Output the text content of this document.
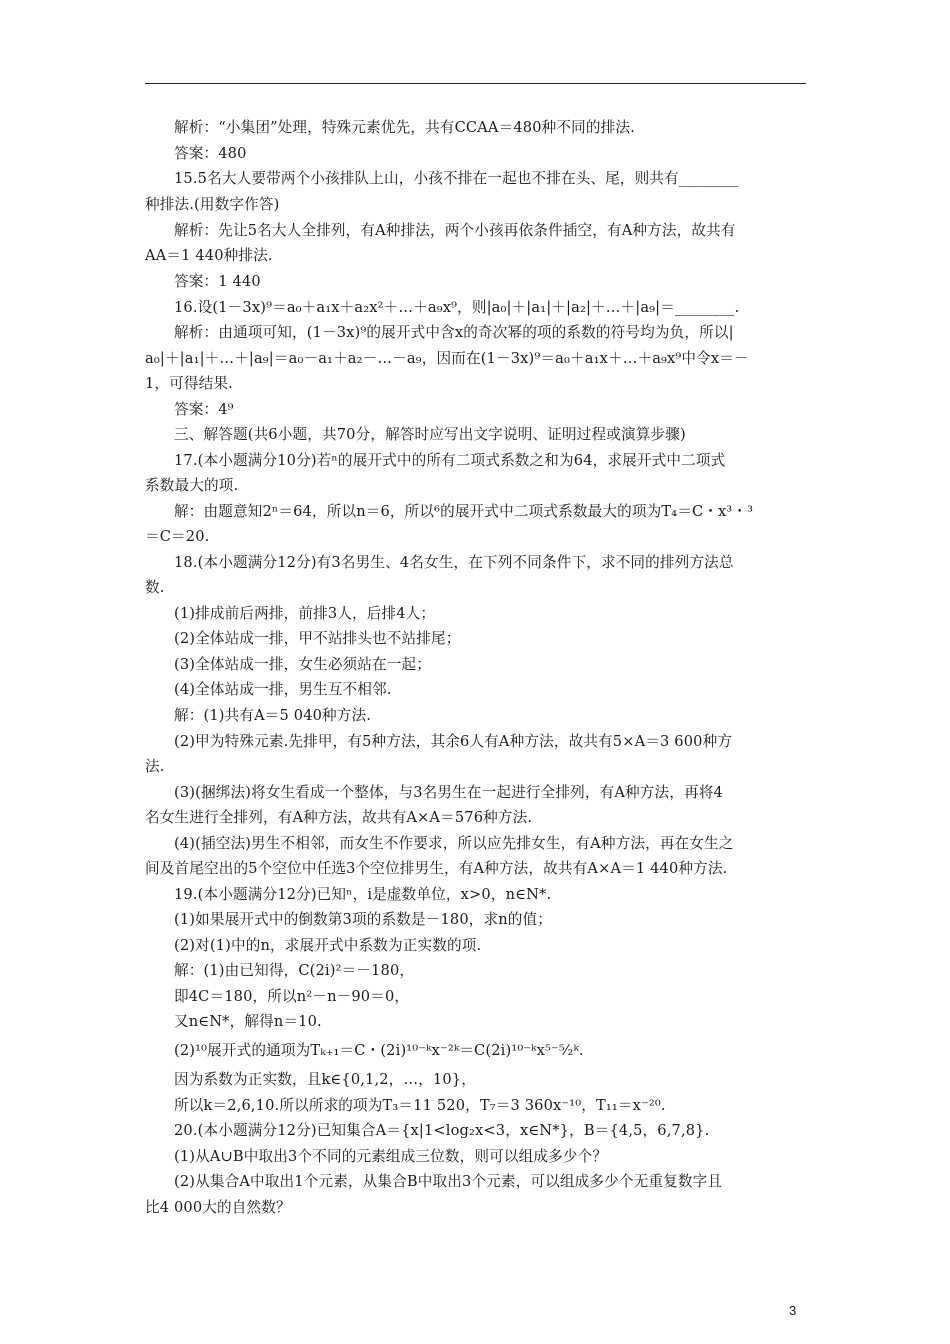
解析：“小集团”处理，特殊元素优先，共有CCAA＝480种不同的排法.
答案：480
15.5名大人要带两个小孩排队上山，小孩不排在一起也不排在头、尾，则共有________
种排法.(用数字作答)
解析：先让5名大人全排列，有A种排法，两个小孩再依条件插空，有A种方法，故共有
AA＝1 440种排法.
答案：1 440
16.设(1－3x)⁹＝a₀＋a₁x＋a₂x²＋…＋a₉x⁹，则|a₀|＋|a₁|＋|a₂|＋…＋|a₉|＝________.
解析：由通项可知，(1－3x)⁹的展开式中含x的奇次幂的项的系数的符号均为负，所以|
a₀|＋|a₁|＋…＋|a₉|＝a₀－a₁＋a₂－…－a₉，因而在(1－3x)⁹＝a₀＋a₁x＋…＋a₉x⁹中令x＝－
1，可得结果.
答案：4⁹
三、解答题(共6小题，共70分，解答时应写出文字说明、证明过程或演算步骤)
17.(本小题满分10分)若ⁿ的展开式中的所有二项式系数之和为64，求展开式中二项式
系数最大的项.
解：由题意知2ⁿ＝64，所以n＝6，所以⁶的展开式中二项式系数最大的项为T₄＝C・x³・³
＝C＝20.
18.(本小题满分12分)有3名男生、4名女生，在下列不同条件下，求不同的排列方法总
数.
(1)排成前后两排，前排3人，后排4人；
(2)全体站成一排，甲不站排头也不站排尾；
(3)全体站成一排，女生必须站在一起；
(4)全体站成一排，男生互不相邻.
解：(1)共有A＝5 040种方法.
(2)甲为特殊元素.先排甲，有5种方法，其余6人有A种方法，故共有5×A＝3 600种方
法.
(3)(捆绑法)将女生看成一个整体，与3名男生在一起进行全排列，有A种方法，再将4
名女生进行全排列，有A种方法，故共有A×A＝576种方法.
(4)(插空法)男生不相邻，而女生不作要求，所以应先排女生，有A种方法，再在女生之
间及首尾空出的5个空位中任选3个空位排男生，有A种方法，故共有A×A＝1 440种方法.
19.(本小题满分12分)已知ⁿ，i是虚数单位，x>0，n∈N*.
(1)如果展开式中的倒数第3项的系数是－180，求n的值；
(2)对(1)中的n，求展开式中系数为正实数的项.
解：(1)由已知得，C(2i)²＝－180，
即4C＝180，所以n²－n－90＝0，
又n∈N*，解得n＝10.
(2)¹⁰展开式的通项为Tₖ₊₁＝C・(2i)¹⁰⁻ᵏx⁻²ᵏ＝C(2i)¹⁰⁻ᵏx⁵⁻⁵⁄₂ᵏ.
因为系数为正实数，且k∈{0,1,2，…，10}，
所以k＝2,6,10.所以所求的项为T₃＝11 520，T₇＝3 360x⁻¹⁰，T₁₁＝x⁻²⁰.
20.(本小题满分12分)已知集合A＝{x|1<log₂x<3，x∈N*}，B＝{4,5，6,7,8}.
(1)从A∪B中取出3个不同的元素组成三位数，则可以组成多少个？
(2)从集合A中取出1个元素，从集合B中取出3个元素，可以组成多少个无重复数字且
比4 000大的自然数？
3
